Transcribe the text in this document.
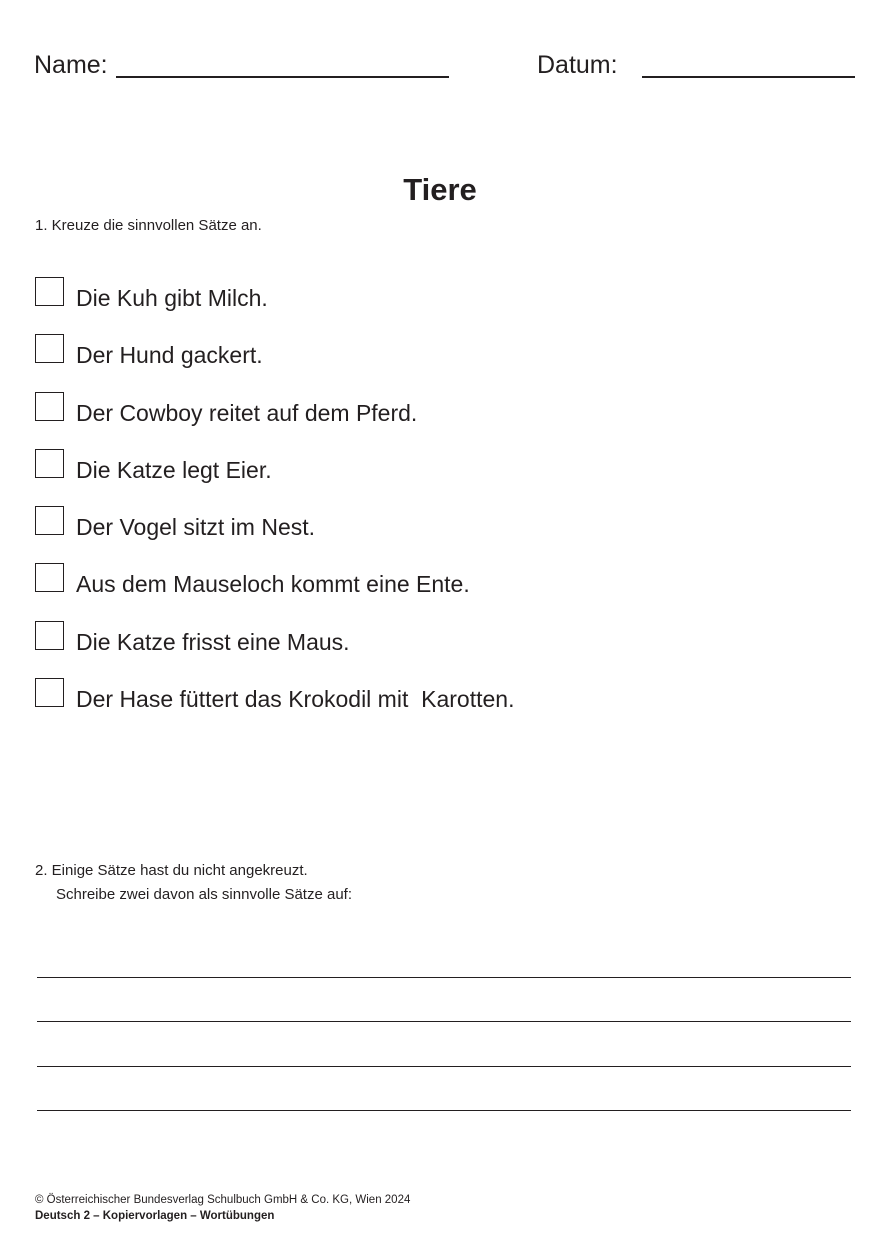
Name:	Datum:
Tiere
1. Kreuze die sinnvollen Sätze an.
Die Kuh gibt Milch.
Der Hund gackert.
Der Cowboy reitet auf dem Pferd.
Die Katze legt Eier.
Der Vogel sitzt im Nest.
Aus dem Mauseloch kommt eine Ente.
Die Katze frisst eine Maus.
Der Hase füttert das Krokodil mit  Karotten.
2. Einige Sätze hast du nicht angekreuzt.
Schreibe zwei davon als sinnvolle Sätze auf:
© Österreichischer Bundesverlag Schulbuch GmbH & Co. KG, Wien 2024
Deutsch 2 – Kopiervorlagen – Wortübungen
